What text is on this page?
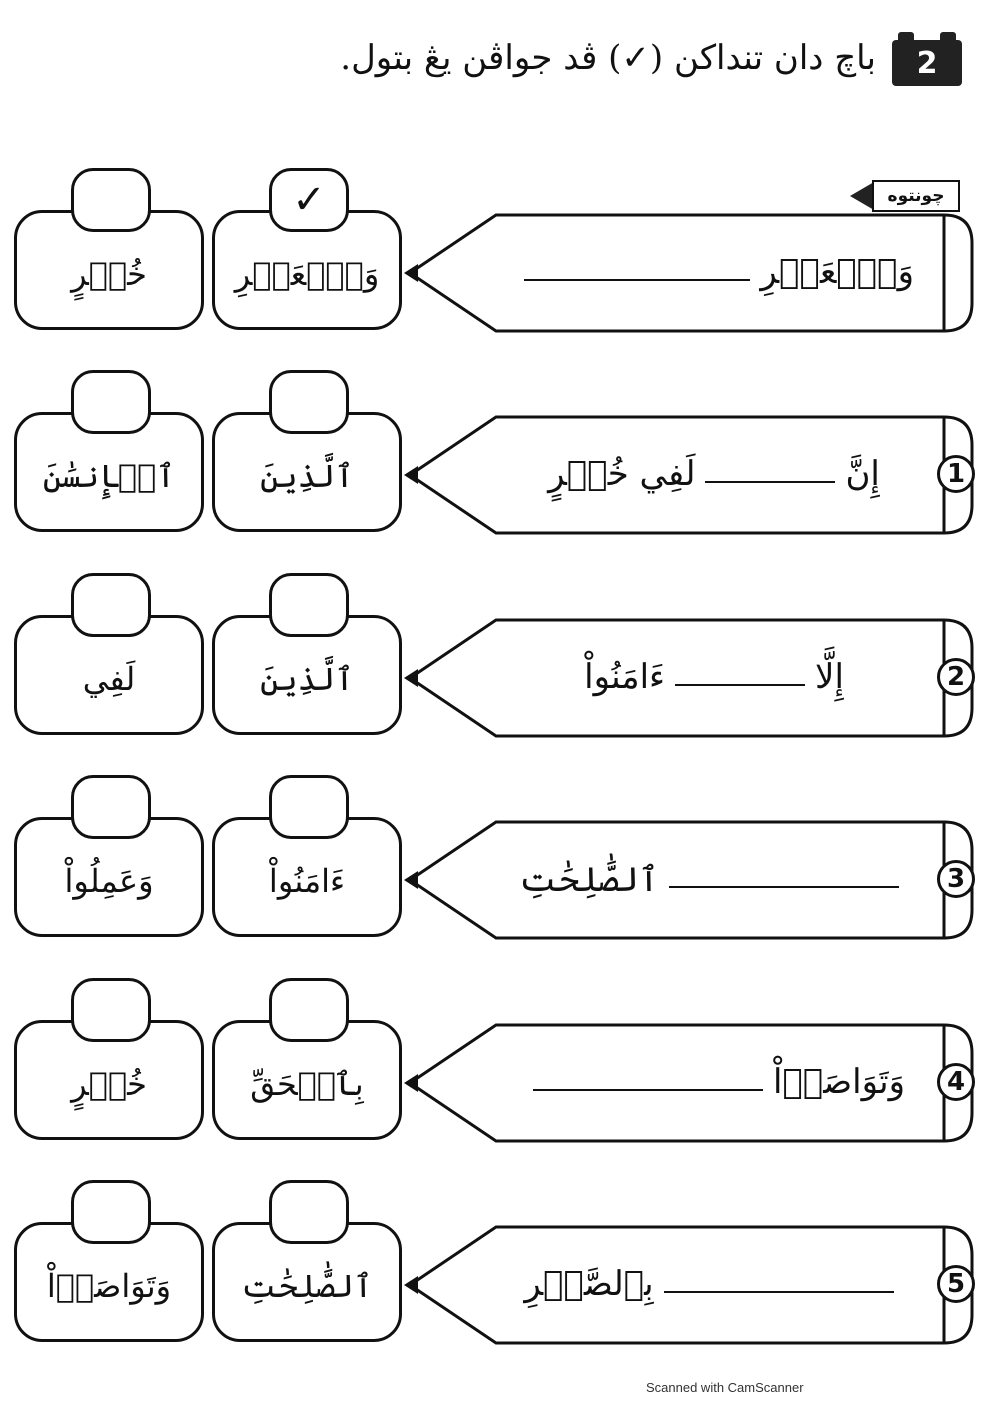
باچ دان تنداكن (✓) ڤد جواڤن يڠ بتول.	2
چونتوه
خُسۡرٍ
✓
وَٱلۡعَصۡرِ	وَٱلۡعَصۡرِ
ٱلۡإِنسَٰنَ	ٱلَّذِينَ	إِنَّ
لَفِي خُسۡرٍ	1
لَفِي	ٱلَّذِينَ	إِلَّا
ءَامَنُواْ	2
وَعَمِلُواْ	ءَامَنُواْ	ٱلصَّٰلِحَٰتِ	3
خُسۡرٍ	بِٱلۡحَقِّ	وَتَوَاصَوۡاْ	4
وَتَوَاصَوۡاْ ٱلصَّٰلِحَٰتِ	بِٱلصَّبۡرِ	5
Scanned with CamScanner
